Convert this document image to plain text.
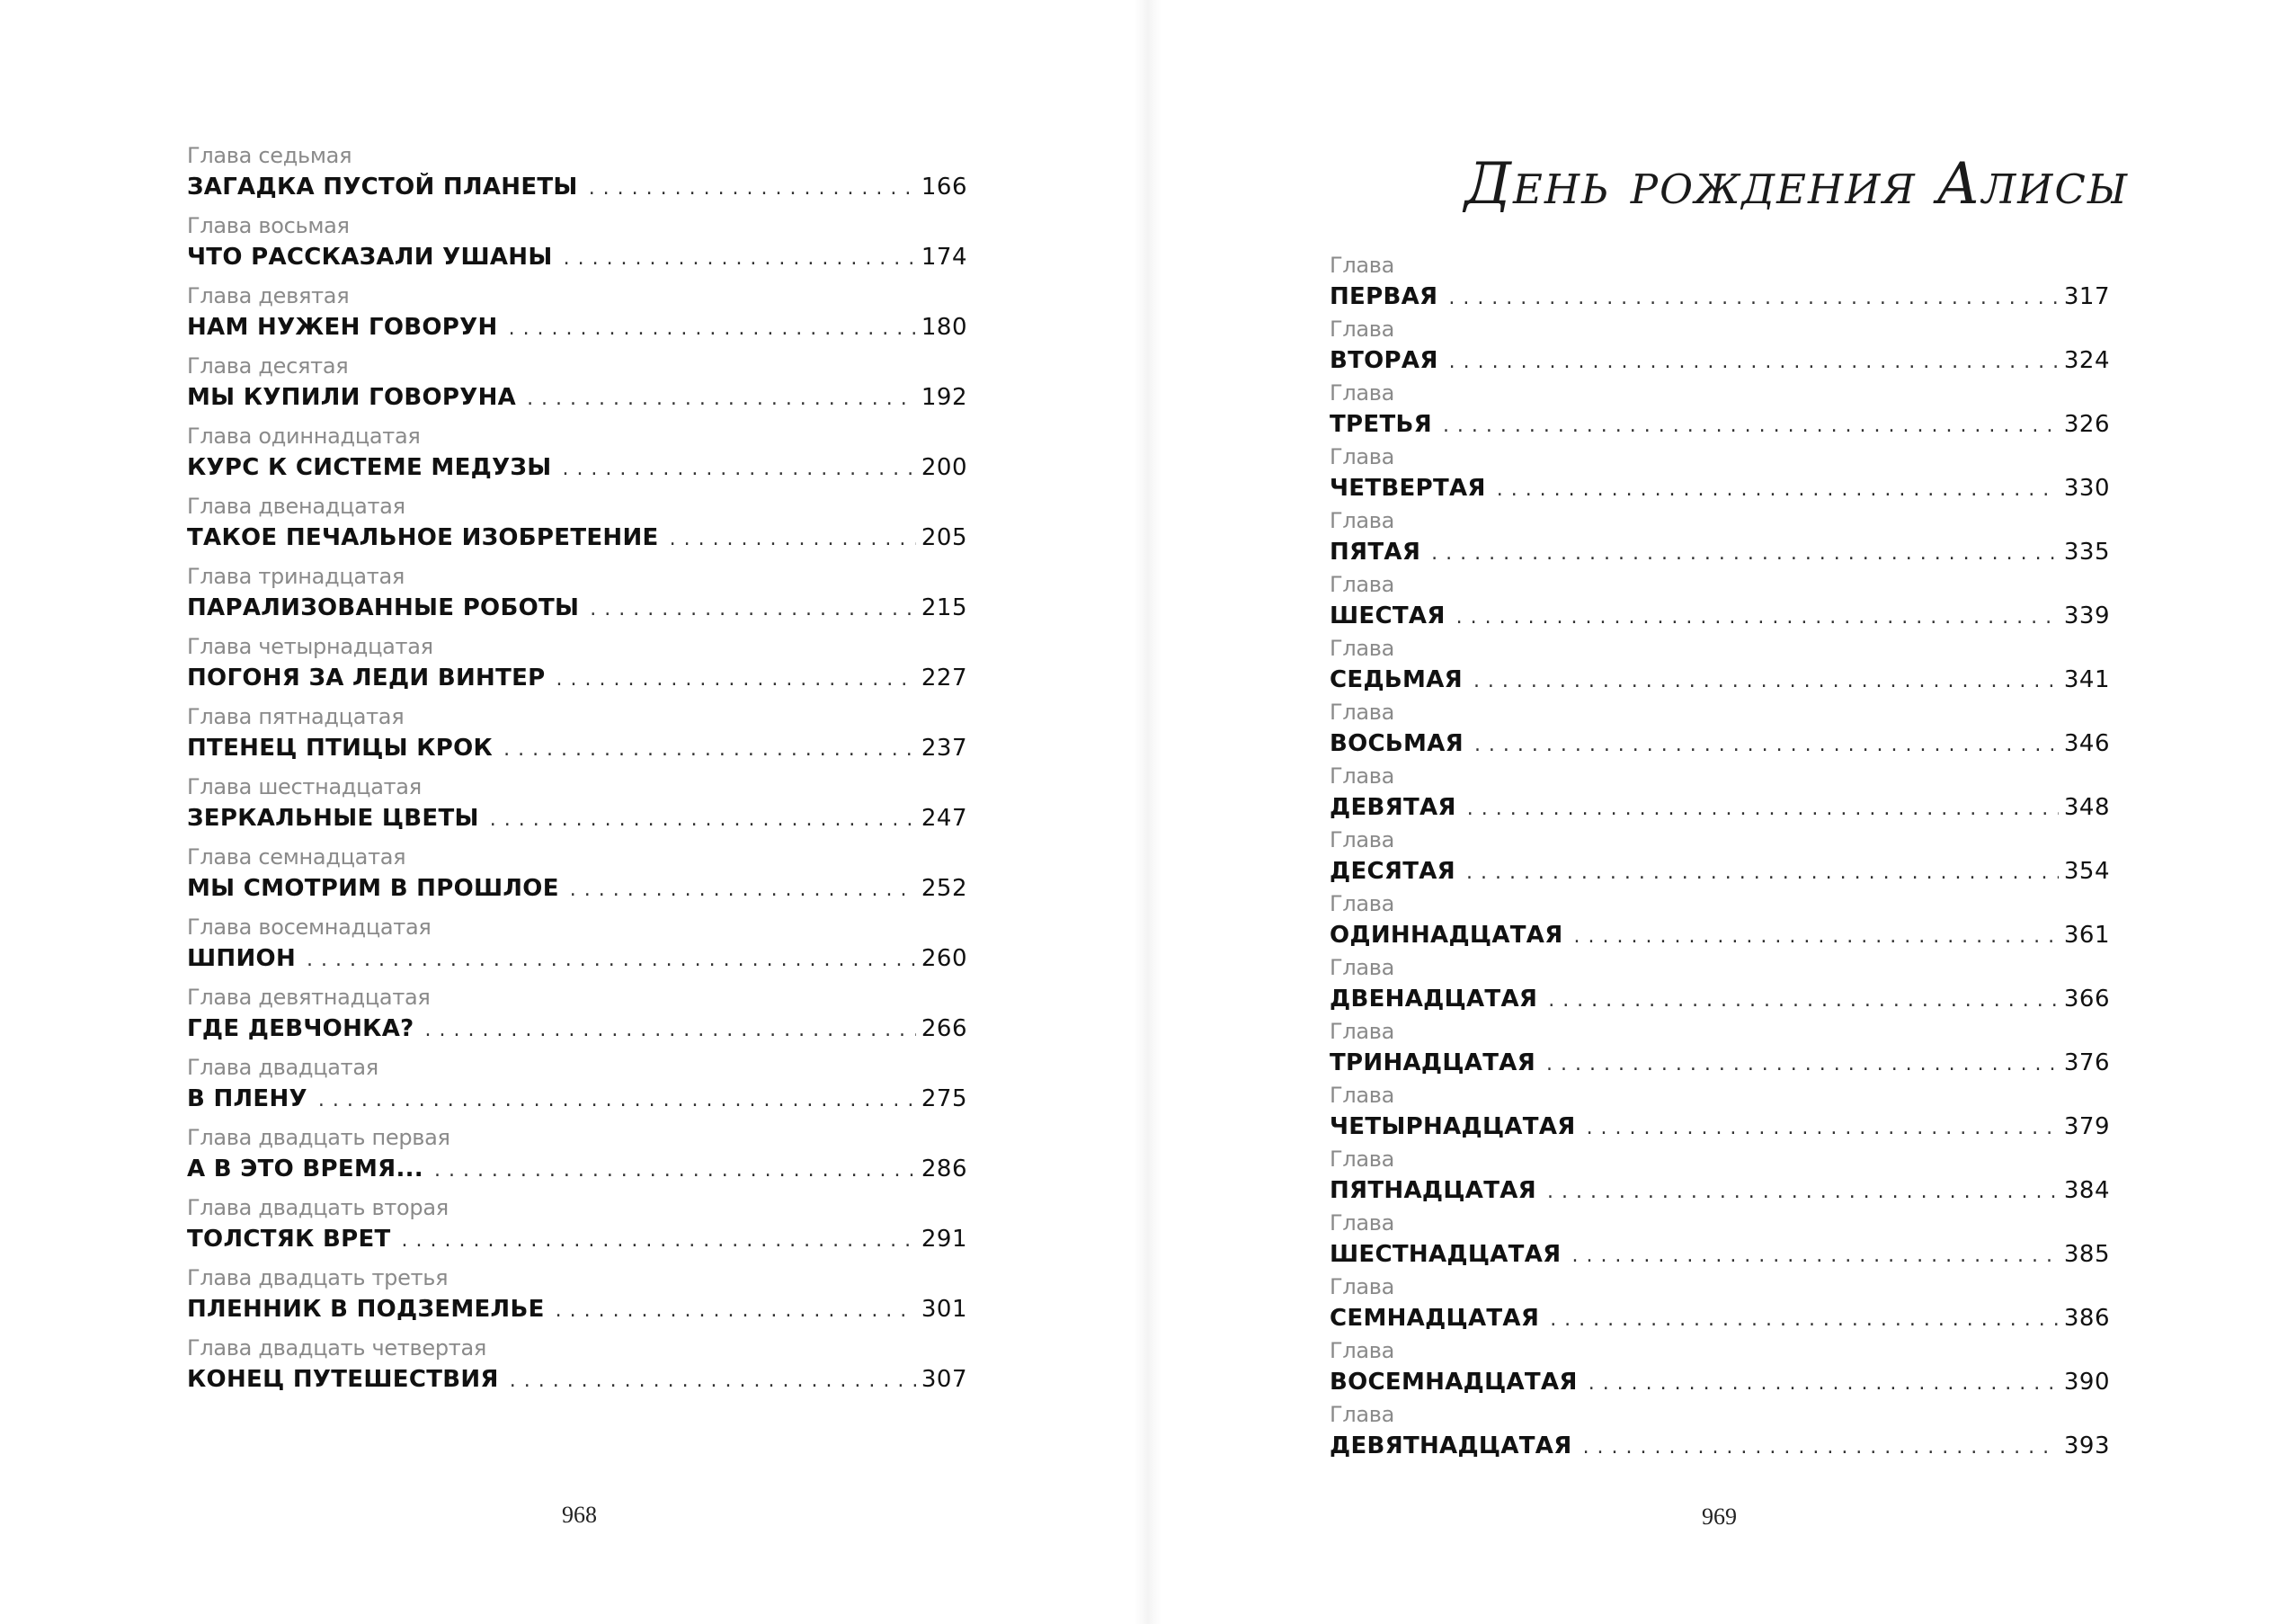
Глава седьмая
ЗАГАДКА ПУСТОЙ ПЛАНЕТЫ . . .	166
Глава восьмая
ЧТО РАССКАЗАЛИ УШАНЫ . . .	174
Глава девятая
НАМ НУЖЕН ГОВОРУН . . .	180
Глава десятая
МЫ КУПИЛИ ГОВОРУНА . . .	192
Глава одиннадцатая
КУРС К СИСТЕМЕ МЕДУЗЫ . . .	200
Глава двенадцатая
ТАКОЕ ПЕЧАЛЬНОЕ ИЗОБРЕТЕНИЕ . . .	205
Глава тринадцатая
ПАРАЛИЗОВАННЫЕ РОБОТЫ . . .	215
Глава четырнадцатая
ПОГОНЯ ЗА ЛЕДИ ВИНТЕР . . .	227
Глава пятнадцатая
ПТЕНЕЦ ПТИЦЫ КРОК . . .	237
Глава шестнадцатая
ЗЕРКАЛЬНЫЕ ЦВЕТЫ . . .	247
Глава семнадцатая
МЫ СМОТРИМ В ПРОШЛОЕ . . .	252
Глава восемнадцатая
ШПИОН . . .	260
Глава девятнадцатая
ГДЕ ДЕВЧОНКА? . . .	266
Глава двадцатая
В ПЛЕНУ . . .	275
Глава двадцать первая
А В ЭТО ВРЕМЯ... . . .	286
Глава двадцать вторая
ТОЛСТЯК ВРЕТ . . .	291
Глава двадцать третья
ПЛЕННИК В ПОДЗЕМЕЛЬЕ . . .	301
Глава двадцать четвертая
КОНЕЦ ПУТЕШЕСТВИЯ . . .	307
968
День рождения Алисы
Глава
ПЕРВАЯ . . .	317
Глава
ВТОРАЯ . . .	324
Глава
ТРЕТЬЯ . . .	326
Глава
ЧЕТВЕРТАЯ . . .	330
Глава
ПЯТАЯ . . .	335
Глава
ШЕСТАЯ . . .	339
Глава
СЕДЬМАЯ . . .	341
Глава
ВОСЬМАЯ . . .	346
Глава
ДЕВЯТАЯ . . .	348
Глава
ДЕСЯТАЯ . . .	354
Глава
ОДИННАДЦАТАЯ . . .	361
Глава
ДВЕНАДЦАТАЯ . . .	366
Глава
ТРИНАДЦАТАЯ . . .	376
Глава
ЧЕТЫРНАДЦАТАЯ . . .	379
Глава
ПЯТНАДЦАТАЯ . . .	384
Глава
ШЕСТНАДЦАТАЯ . . .	385
Глава
СЕМНАДЦАТАЯ . . .	386
Глава
ВОСЕМНАДЦАТАЯ . . .	390
Глава
ДЕВЯТНАДЦАТАЯ . . .	393
969
